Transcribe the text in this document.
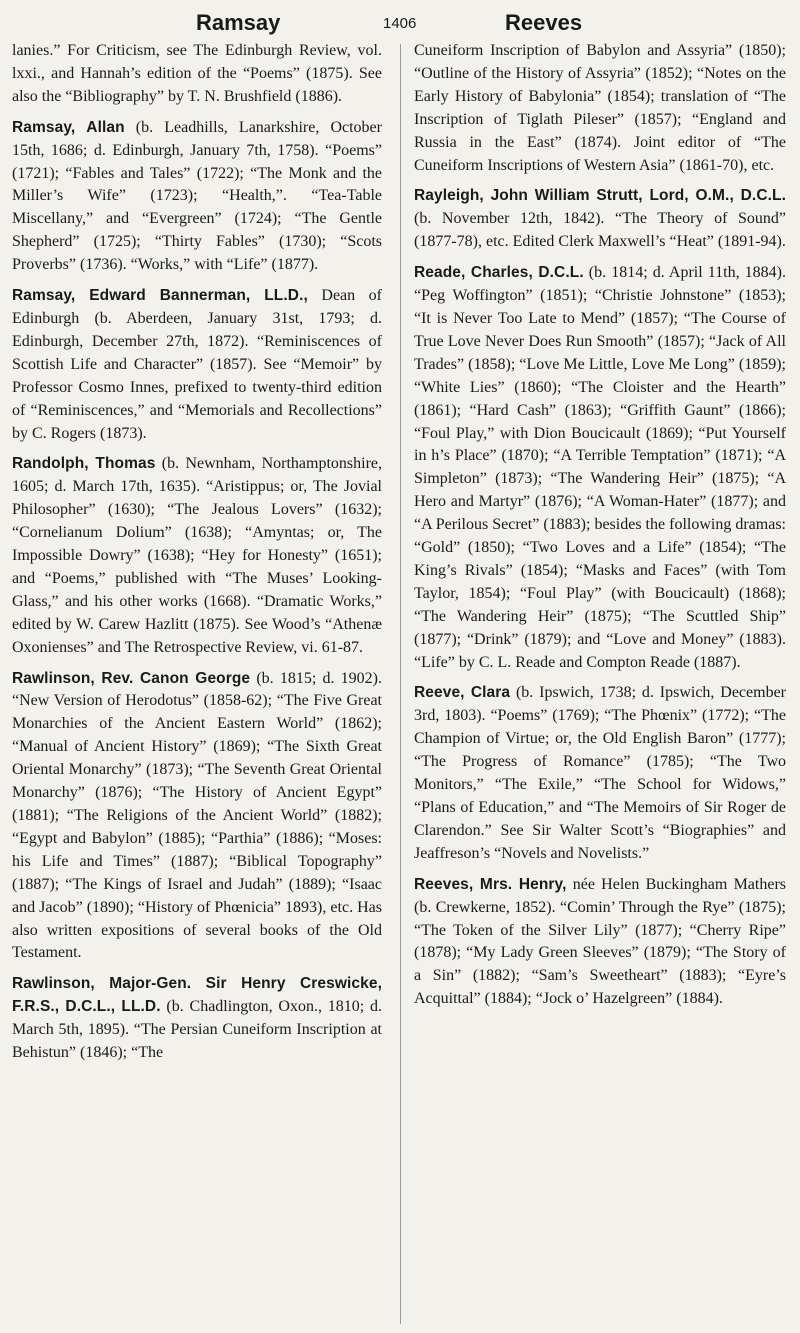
Ramsay	1406	Reeves

lanies.” For Criticism, see The Edinburgh Review, vol. lxxi., and Hannah’s edition of the “Poems” (1875). See also the “Bibliography” by T. N. Brushfield (1886).

Ramsay, Allan (b. Leadhills, Lanarkshire, October 15th, 1686; d. Edinburgh, January 7th, 1758). “Poems” (1721); “Fables and Tales” (1722); “The Monk and the Miller’s Wife” (1723); “Health,”. “Tea-Table Miscellany,” and “Evergreen” (1724); “The Gentle Shepherd” (1725); “Thirty Fables” (1730); “Scots Proverbs” (1736). “Works,” with “Life” (1877).

Ramsay, Edward Bannerman, LL.D., Dean of Edinburgh (b. Aberdeen, January 31st, 1793; d. Edinburgh, December 27th, 1872). “Reminiscences of Scottish Life and Character” (1857). See “Memoir” by Professor Cosmo Innes, prefixed to twenty-third edition of “Reminiscences,” and “Memorials and Recollections” by C. Rogers (1873).

Randolph, Thomas (b. Newnham, Northamptonshire, 1605; d. March 17th, 1635). “Aristippus; or, The Jovial Philosopher” (1630); “The Jealous Lovers” (1632); “Cornelianum Dolium” (1638); “Amyntas; or, The Impossible Dowry” (1638); “Hey for Honesty” (1651); and “Poems,” published with “The Muses’ Looking-Glass,” and his other works (1668). “Dramatic Works,” edited by W. Carew Hazlitt (1875). See Wood’s “Athenæ Oxonienses” and The Retrospective Review, vi. 61-87.

Rawlinson, Rev. Canon George (b. 1815; d. 1902). “New Version of Herodotus” (1858-62); “The Five Great Monarchies of the Ancient Eastern World” (1862); “Manual of Ancient History” (1869); “The Sixth Great Oriental Monarchy” (1873); “The Seventh Great Oriental Monarchy” (1876); “The History of Ancient Egypt” (1881); “The Religions of the Ancient World” (1882); “Egypt and Babylon” (1885); “Parthia” (1886); “Moses: his Life and Times” (1887); “Biblical Topography” (1887); “The Kings of Israel and Judah” (1889); “Isaac and Jacob” (1890); “History of Phœnicia” 1893), etc. Has also written expositions of several books of the Old Testament.

Rawlinson, Major-Gen. Sir Henry Creswicke, F.R.S., D.C.L., LL.D. (b. Chadlington, Oxon., 1810; d. March 5th, 1895). “The Persian Cuneiform Inscription at Behistun” (1846); “The

Cuneiform Inscription of Babylon and Assyria” (1850); “Outline of the History of Assyria” (1852); “Notes on the Early History of Babylonia” (1854); translation of “The Inscription of Tiglath Pileser” (1857); “England and Russia in the East” (1874). Joint editor of “The Cuneiform Inscriptions of Western Asia” (1861-70), etc.

Rayleigh, John William Strutt, Lord, O.M., D.C.L. (b. November 12th, 1842). “The Theory of Sound” (1877-78), etc. Edited Clerk Maxwell’s “Heat” (1891-94).

Reade, Charles, D.C.L. (b. 1814; d. April 11th, 1884). “Peg Woffington” (1851); “Christie Johnstone” (1853); “It is Never Too Late to Mend” (1857); “The Course of True Love Never Does Run Smooth” (1857); “Jack of All Trades” (1858); “Love Me Little, Love Me Long” (1859); “White Lies” (1860); “The Cloister and the Hearth” (1861); “Hard Cash” (1863); “Griffith Gaunt” (1866); “Foul Play,” with Dion Boucicault (1869); “Put Yourself in h’s Place” (1870); “A Terrible Temptation” (1871); “A Simpleton” (1873); “The Wandering Heir” (1875); “A Hero and Martyr” (1876); “A Woman-Hater” (1877); and “A Perilous Secret” (1883); besides the following dramas: “Gold” (1850); “Two Loves and a Life” (1854); “The King’s Rivals” (1854); “Masks and Faces” (with Tom Taylor, 1854); “Foul Play” (with Boucicault) (1868); “The Wandering Heir” (1875); “The Scuttled Ship” (1877); “Drink” (1879); and “Love and Money” (1883). “Life” by C. L. Reade and Compton Reade (1887).

Reeve, Clara (b. Ipswich, 1738; d. Ipswich, December 3rd, 1803). “Poems” (1769); “The Phœnix” (1772); “The Champion of Virtue; or, the Old English Baron” (1777); “The Progress of Romance” (1785); “The Two Monitors,” “The Exile,” “The School for Widows,” “Plans of Education,” and “The Memoirs of Sir Roger de Clarendon.” See Sir Walter Scott’s “Biographies” and Jeaffreson’s “Novels and Novelists.”

Reeves, Mrs. Henry, née Helen Buckingham Mathers (b. Crewkerne, 1852). “Comin’ Through the Rye” (1875); “The Token of the Silver Lily” (1877); “Cherry Ripe” (1878); “My Lady Green Sleeves” (1879); “The Story of a Sin” (1882); “Sam’s Sweetheart” (1883); “Eyre’s Acquittal” (1884); “Jock o’ Hazelgreen” (1884).
